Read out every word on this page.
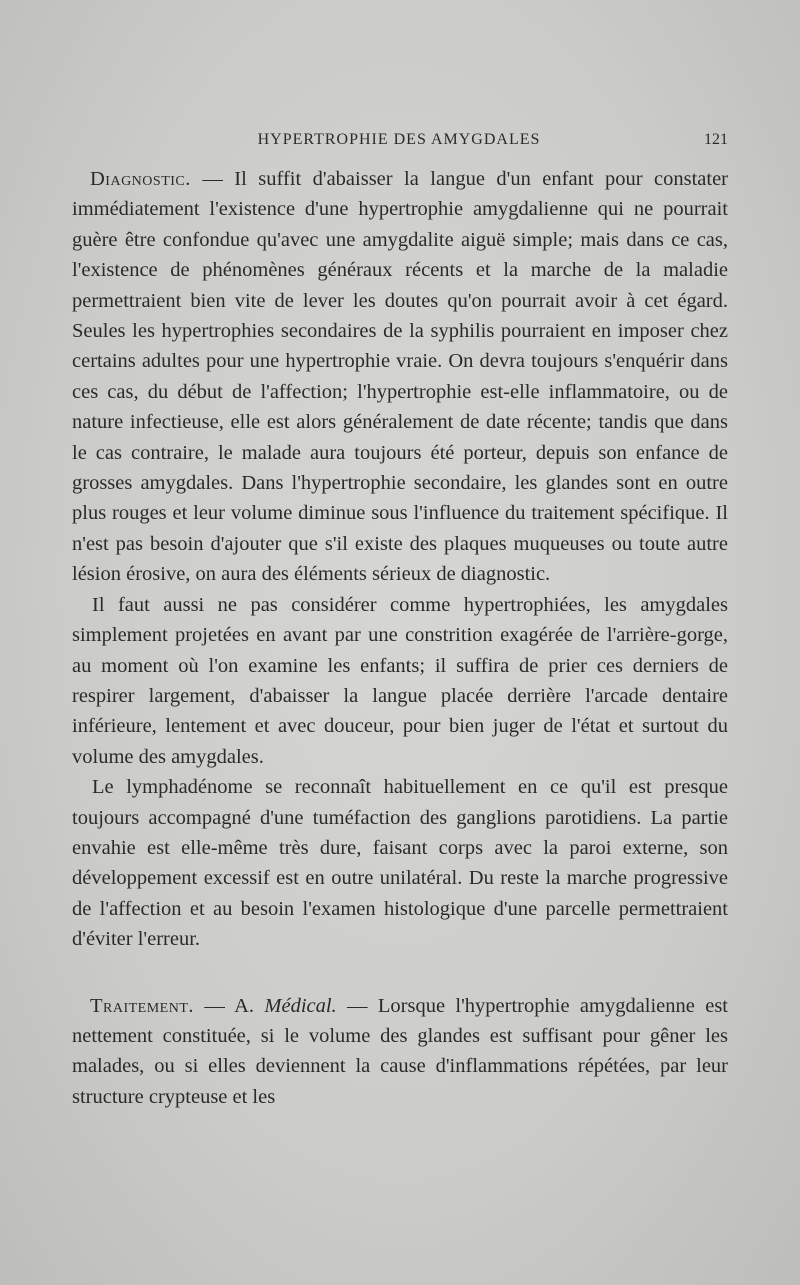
HYPERTROPHIE DES AMYGDALES	121

Diagnostic. — Il suffit d'abaisser la langue d'un enfant pour constater immédiatement l'existence d'une hypertrophie amygdalienne qui ne pourrait guère être confondue qu'avec une amygdalite aiguë simple; mais dans ce cas, l'existence de phénomènes généraux récents et la marche de la maladie permettraient bien vite de lever les doutes qu'on pourrait avoir à cet égard. Seules les hypertrophies secondaires de la syphilis pourraient en imposer chez certains adultes pour une hypertrophie vraie. On devra toujours s'enquérir dans ces cas, du début de l'affection; l'hypertrophie est-elle inflammatoire, ou de nature infectieuse, elle est alors généralement de date récente; tandis que dans le cas contraire, le malade aura toujours été porteur, depuis son enfance de grosses amygdales. Dans l'hypertrophie secondaire, les glandes sont en outre plus rouges et leur volume diminue sous l'influence du traitement spécifique. Il n'est pas besoin d'ajouter que s'il existe des plaques muqueuses ou toute autre lésion érosive, on aura des éléments sérieux de diagnostic.

Il faut aussi ne pas considérer comme hypertrophiées, les amygdales simplement projetées en avant par une constrition exagérée de l'arrière-gorge, au moment où l'on examine les enfants; il suffira de prier ces derniers de respirer largement, d'abaisser la langue placée derrière l'arcade dentaire inférieure, lentement et avec douceur, pour bien juger de l'état et surtout du volume des amygdales.

Le lymphadénome se reconnaît habituellement en ce qu'il est presque toujours accompagné d'une tuméfaction des ganglions parotidiens. La partie envahie est elle-même très dure, faisant corps avec la paroi externe, son développement excessif est en outre unilatéral. Du reste la marche progressive de l'affection et au besoin l'examen histologique d'une parcelle permettraient d'éviter l'erreur.

Traitement. — A. Médical. — Lorsque l'hypertrophie amygdalienne est nettement constituée, si le volume des glandes est suffisant pour gêner les malades, ou si elles deviennent la cause d'inflammations répétées, par leur structure crypteuse et les
